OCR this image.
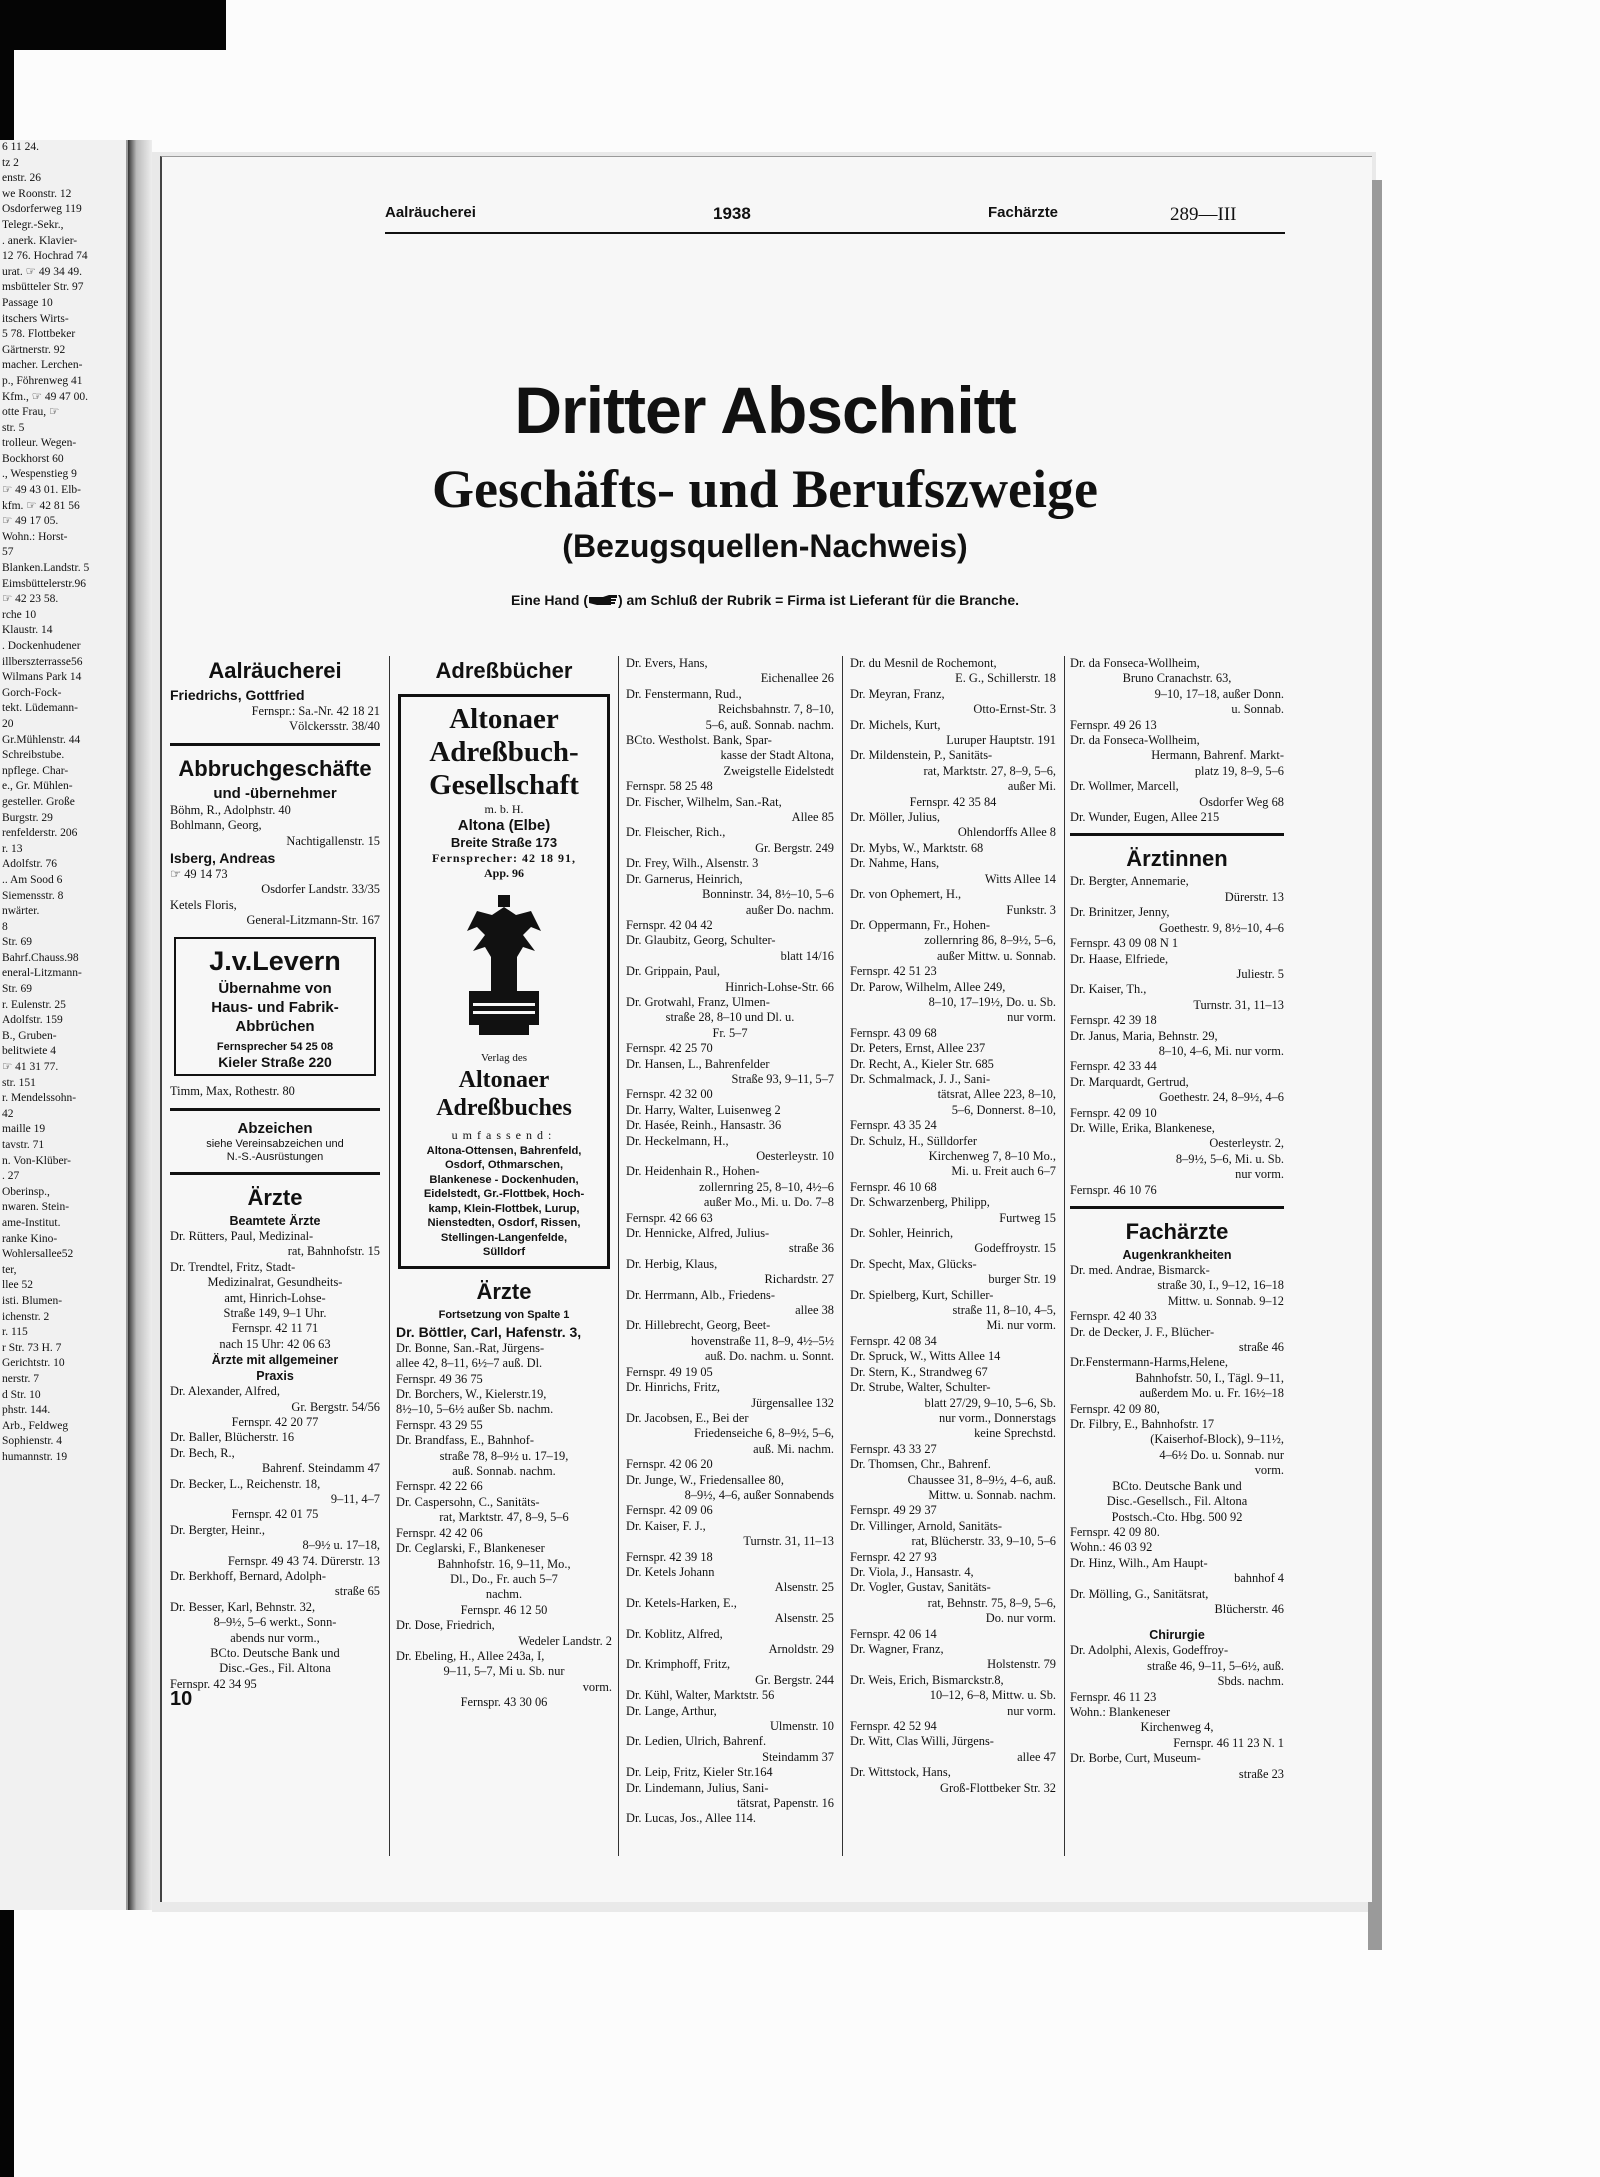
6 11 24.
tz 2
enstr. 26
we Roonstr. 12
Osdorferweg 119
Telegr.-Sekr.,
. anerk. Klavier-
12 76. Hochrad 74
urat. ☞ 49 34 49.
msbütteler Str. 97
Passage 10
itschers Wirts-
5 78. Flottbeker
Gärtnerstr. 92
macher. Lerchen-
p., Föhrenweg 41
Kfm., ☞ 49 47 00.
otte Frau, ☞
str. 5
trolleur. Wegen-
Bockhorst 60
., Wespenstieg 9
☞ 49 43 01. Elb-
kfm. ☞ 42 81 56
☞ 49 17 05.
Wohn.: Horst-
57
Blanken.Landstr. 5
Eimsbüttelerstr.96
☞ 42 23 58.
rche 10
Klaustr. 14
. Dockenhudener
illberszterrasse56
Wilmans Park 14
Gorch-Fock-
tekt. Lüdemann-
20
Gr.Mühlenstr. 44
Schreibstube.
npflege. Char-
e., Gr. Mühlen-
gesteller. Große
Burgstr. 29
renfelderstr. 206
r. 13
Adolfstr. 76
.. Am Sood 6
Siemensstr. 8
nwärter.
8
Str. 69
Bahrf.Chauss.98
eneral-Litzmann-
Str. 69
r. Eulenstr. 25
Adolfstr. 159
B., Gruben-
belitwiete 4
☞ 41 31 77.
str. 151
r. Mendelssohn-
42
maille 19
tavstr. 71
n. Von-Klüber-
. 27
Oberinsp.,
nwaren. Stein-
ame-Institut.
ranke Kino-
Wohlersallee52
ter,
llee 52
isti. Blumen-
ichenstr. 2
r. 115
r Str. 73 H. 7
Gerichtstr. 10
nerstr. 7
d Str. 10
phstr. 144.
Arb., Feldweg
Sophienstr. 4
humannstr. 19
Aalräucherei	1938	Fachärzte	289—III
Dritter Abschnitt
Geschäfts- und Berufszweige
(Bezugsquellen-Nachweis)
Eine Hand ( ) am Schluß der Rubrik = Firma ist Lieferant für die Branche.
Aalräucherei
Friedrichs, Gottfried
Fernspr.: Sa.-Nr. 42 18 21
Völckersstr. 38/40
Abbruchgeschäfte
und -übernehmer
Böhm, R., Adolphstr. 40
Bohlmann, Georg,
Nachtigallenstr. 15
Isberg, Andreas
☞ 49 14 73
Osdorfer Landstr. 33/35
Ketels Floris,
General-Litzmann-Str. 167
J.v.Levern
Übernahme von
Haus- und Fabrik-
Abbrüchen
Fernsprecher 54 25 08
Kieler Straße 220
Timm, Max, Rothestr. 80
Abzeichen
siehe Vereinsabzeichen und
N.-S.-Ausrüstungen
Ärzte
Beamtete Ärzte
Dr. Rütters, Paul, Medizinal-
rat, Bahnhofstr. 15
Dr. Trendtel, Fritz, Stadt-
Medizinalrat, Gesundheits-
amt, Hinrich-Lohse-
Straße 149, 9–1 Uhr.
Fernspr. 42 11 71
nach 15 Uhr: 42 06 63
Ärzte mit allgemeiner
Praxis
Dr. Alexander, Alfred,
Gr. Bergstr. 54/56
Fernspr. 42 20 77
Dr. Baller, Blücherstr. 16
Dr. Bech, R.,
Bahrenf. Steindamm 47
Dr. Becker, L., Reichenstr. 18,
9–11, 4–7
Fernspr. 42 01 75
Dr. Bergter, Heinr.,
8–9½ u. 17–18,
Fernspr. 49 43 74. Dürerstr. 13
Dr. Berkhoff, Bernard, Adolph-
straße 65
Dr. Besser, Karl, Behnstr. 32,
8–9½, 5–6 werkt., Sonn-
abends nur vorm.,
BCto. Deutsche Bank und
Disc.-Ges., Fil. Altona
Fernspr. 42 34 95
10
Adreßbücher
Altonaer
Adreßbuch-
Gesellschaft
m. b. H.
Altona (Elbe)
Breite Straße 173
Fernsprecher: 42 18 91,
App. 96
Verlag des
Altonaer
Adreßbuches
umfassend:
Altona-Ottensen, Bahrenfeld,
Osdorf, Othmarschen,
Blankenese - Dockenhuden,
Eidelstedt, Gr.-Flottbek, Hoch-
kamp, Klein-Flottbek, Lurup,
Nienstedten, Osdorf, Rissen,
Stellingen-Langenfelde,
Sülldorf
Ärzte
Fortsetzung von Spalte 1
Dr. Böttler, Carl, Hafenstr. 3,
Dr. Bonne, San.-Rat, Jürgens-
allee 42, 8–11, 6½–7 auß. Dl.
Fernspr. 49 36 75
Dr. Borchers, W., Kielerstr.19,
8½–10, 5–6½ außer Sb. nachm.
Fernspr. 43 29 55
Dr. Brandfass, E., Bahnhof-
straße 78, 8–9½ u. 17–19,
auß. Sonnab. nachm.
Fernspr. 42 22 66
Dr. Caspersohn, C., Sanitäts-
rat, Marktstr. 47, 8–9, 5–6
Fernspr. 42 42 06
Dr. Ceglarski, F., Blankeneser
Bahnhofstr. 16, 9–11, Mo.,
Dl., Do., Fr. auch 5–7
nachm.
Fernspr. 46 12 50
Dr. Dose, Friedrich,
Wedeler Landstr. 2
Dr. Ebeling, H., Allee 243a, I,
9–11, 5–7, Mi u. Sb. nur
vorm.
Fernspr. 43 30 06
Dr. Evers, Hans,
Eichenallee 26
Dr. Fenstermann, Rud.,
Reichsbahnstr. 7, 8–10,
5–6, auß. Sonnab. nachm.
BCto. Westholst. Bank, Spar-
kasse der Stadt Altona,
Zweigstelle Eidelstedt
Fernspr. 58 25 48
Dr. Fischer, Wilhelm, San.-Rat,
Allee 85
Dr. Fleischer, Rich.,
Gr. Bergstr. 249
Dr. Frey, Wilh., Alsenstr. 3
Dr. Garnerus, Heinrich,
Bonninstr. 34, 8½–10, 5–6
außer Do. nachm.
Fernspr. 42 04 42
Dr. Glaubitz, Georg, Schulter-
blatt 14/16
Dr. Grippain, Paul,
Hinrich-Lohse-Str. 66
Dr. Grotwahl, Franz, Ulmen-
straße 28, 8–10 und Dl. u.
Fr. 5–7
Fernspr. 42 25 70
Dr. Hansen, L., Bahrenfelder
Straße 93, 9–11, 5–7
Fernspr. 42 32 00
Dr. Harry, Walter, Luisenweg 2
Dr. Hasée, Reinh., Hansastr. 36
Dr. Heckelmann, H.,
Oesterleystr. 10
Dr. Heidenhain R., Hohen-
zollernring 25, 8–10, 4½–6
außer Mo., Mi. u. Do. 7–8
Fernspr. 42 66 63
Dr. Hennicke, Alfred, Julius-
straße 36
Dr. Herbig, Klaus,
Richardstr. 27
Dr. Herrmann, Alb., Friedens-
allee 38
Dr. Hillebrecht, Georg, Beet-
hovenstraße 11, 8–9, 4½–5½
auß. Do. nachm. u. Sonnt.
Fernspr. 49 19 05
Dr. Hinrichs, Fritz,
Jürgensallee 132
Dr. Jacobsen, E., Bei der
Friedenseiche 6, 8–9½, 5–6,
auß. Mi. nachm.
Fernspr. 42 06 20
Dr. Junge, W., Friedensallee 80,
8–9½, 4–6, außer Sonnabends
Fernspr. 42 09 06
Dr. Kaiser, F. J.,
Turnstr. 31, 11–13
Fernspr. 42 39 18
Dr. Ketels Johann
Alsenstr. 25
Dr. Ketels-Harken, E.,
Alsenstr. 25
Dr. Koblitz, Alfred,
Arnoldstr. 29
Dr. Krimphoff, Fritz,
Gr. Bergstr. 244
Dr. Kühl, Walter, Marktstr. 56
Dr. Lange, Arthur,
Ulmenstr. 10
Dr. Ledien, Ulrich, Bahrenf.
Steindamm 37
Dr. Leip, Fritz, Kieler Str.164
Dr. Lindemann, Julius, Sani-
tätsrat, Papenstr. 16
Dr. Lucas, Jos., Allee 114.
Dr. du Mesnil de Rochemont,
E. G., Schillerstr. 18
Dr. Meyran, Franz,
Otto-Ernst-Str. 3
Dr. Michels, Kurt,
Luruper Hauptstr. 191
Dr. Mildenstein, P., Sanitäts-
rat, Marktstr. 27, 8–9, 5–6,
außer Mi.
Fernspr. 42 35 84
Dr. Möller, Julius,
Ohlendorffs Allee 8
Dr. Mybs, W., Marktstr. 68
Dr. Nahme, Hans,
Witts Allee 14
Dr. von Ophemert, H.,
Funkstr. 3
Dr. Oppermann, Fr., Hohen-
zollernring 86, 8–9½, 5–6,
außer Mittw. u. Sonnab.
Fernspr. 42 51 23
Dr. Parow, Wilhelm, Allee 249,
8–10, 17–19½, Do. u. Sb.
nur vorm.
Fernspr. 43 09 68
Dr. Peters, Ernst, Allee 237
Dr. Recht, A., Kieler Str. 685
Dr. Schmalmack, J. J., Sani-
tätsrat, Allee 223, 8–10,
5–6, Donnerst. 8–10,
Fernspr. 43 35 24
Dr. Schulz, H., Sülldorfer
Kirchenweg 7, 8–10 Mo.,
Mi. u. Freit auch 6–7
Fernspr. 46 10 68
Dr. Schwarzenberg, Philipp,
Furtweg 15
Dr. Sohler, Heinrich,
Godeffroystr. 15
Dr. Specht, Max, Glücks-
burger Str. 19
Dr. Spielberg, Kurt, Schiller-
straße 11, 8–10, 4–5,
Mi. nur vorm.
Fernspr. 42 08 34
Dr. Spruck, W., Witts Allee 14
Dr. Stern, K., Strandweg 67
Dr. Strube, Walter, Schulter-
blatt 27/29, 9–10, 5–6, Sb.
nur vorm., Donnerstags
keine Sprechstd.
Fernspr. 43 33 27
Dr. Thomsen, Chr., Bahrenf.
Chaussee 31, 8–9½, 4–6, auß.
Mittw. u. Sonnab. nachm.
Fernspr. 49 29 37
Dr. Villinger, Arnold, Sanitäts-
rat, Blücherstr. 33, 9–10, 5–6
Fernspr. 42 27 93
Dr. Viola, J., Hansastr. 4,
Dr. Vogler, Gustav, Sanitäts-
rat, Behnstr. 75, 8–9, 5–6,
Do. nur vorm.
Fernspr. 42 06 14
Dr. Wagner, Franz,
Holstenstr. 79
Dr. Weis, Erich, Bismarckstr.8,
10–12, 6–8, Mittw. u. Sb.
nur vorm.
Fernspr. 42 52 94
Dr. Witt, Clas Willi, Jürgens-
allee 47
Dr. Wittstock, Hans,
Groß-Flottbeker Str. 32
Dr. da Fonseca-Wollheim,
Bruno Cranachstr. 63,
9–10, 17–18, außer Donn.
u. Sonnab.
Fernspr. 49 26 13
Dr. da Fonseca-Wollheim,
Hermann, Bahrenf. Markt-
platz 19, 8–9, 5–6
Dr. Wollmer, Marcell,
Osdorfer Weg 68
Dr. Wunder, Eugen, Allee 215
Ärztinnen
Dr. Bergter, Annemarie,
Dürerstr. 13
Dr. Brinitzer, Jenny,
Goethestr. 9, 8½–10, 4–6
Fernspr. 43 09 08 N 1
Dr. Haase, Elfriede,
Juliestr. 5
Dr. Kaiser, Th.,
Turnstr. 31, 11–13
Fernspr. 42 39 18
Dr. Janus, Maria, Behnstr. 29,
8–10, 4–6, Mi. nur vorm.
Fernspr. 42 33 44
Dr. Marquardt, Gertrud,
Goethestr. 24, 8–9½, 4–6
Fernspr. 42 09 10
Dr. Wille, Erika, Blankenese,
Oesterleystr. 2,
8–9½, 5–6, Mi. u. Sb.
nur vorm.
Fernspr. 46 10 76
Fachärzte
Augenkrankheiten
Dr. med. Andrae, Bismarck-
straße 30, I., 9–12, 16–18
Mittw. u. Sonnab. 9–12
Fernspr. 42 40 33
Dr. de Decker, J. F., Blücher-
straße 46
Dr.Fenstermann-Harms,Helene,
Bahnhofstr. 50, I., Tägl. 9–11,
außerdem Mo. u. Fr. 16½–18
Fernspr. 42 09 80,
Dr. Filbry, E., Bahnhofstr. 17
(Kaiserhof-Block), 9–11½,
4–6½ Do. u. Sonnab. nur
vorm.
BCto. Deutsche Bank und
Disc.-Gesellsch., Fil. Altona
Postsch.-Cto. Hbg. 500 92
Fernspr. 42 09 80.
Wohn.: 46 03 92
Dr. Hinz, Wilh., Am Haupt-
bahnhof 4
Dr. Mölling, G., Sanitätsrat,
Blücherstr. 46
Chirurgie
Dr. Adolphi, Alexis, Godeffroy-
straße 46, 9–11, 5–6½, auß.
Sbds. nachm.
Fernspr. 46 11 23
Wohn.: Blankeneser
Kirchenweg 4,
Fernspr. 46 11 23 N. 1
Dr. Borbe, Curt, Museum-
straße 23
